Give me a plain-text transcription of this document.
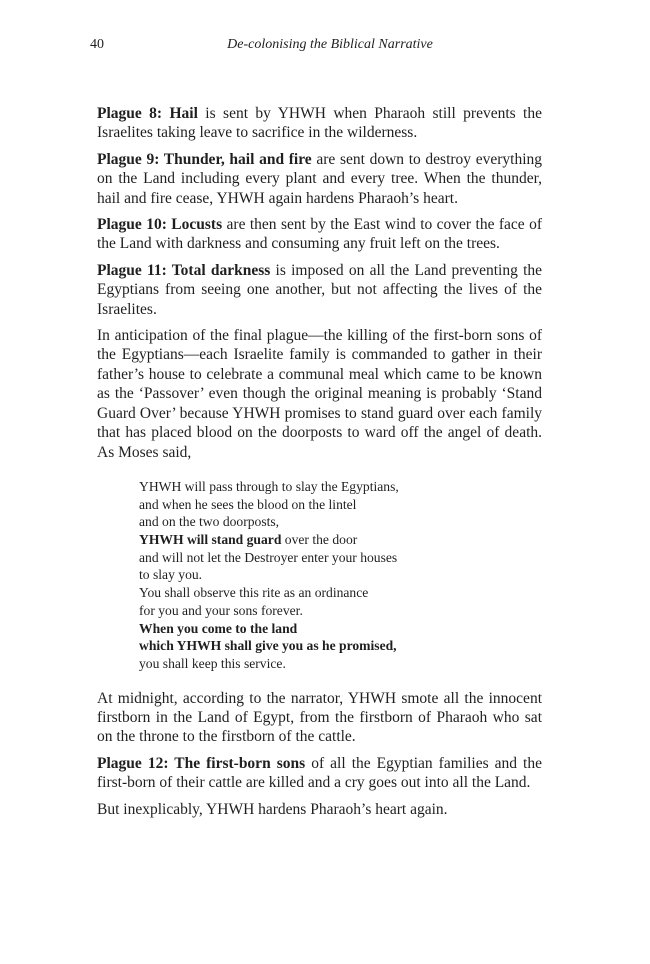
40	De-colonising the Biblical Narrative

Plague 8: Hail is sent by YHWH when Pharaoh still prevents the Israelites taking leave to sacrifice in the wilderness.

Plague 9: Thunder, hail and fire are sent down to destroy everything on the Land including every plant and every tree. When the thunder, hail and fire cease, YHWH again hardens Pharaoh’s heart.

Plague 10: Locusts are then sent by the East wind to cover the face of the Land with darkness and consuming any fruit left on the trees.

Plague 11: Total darkness is imposed on all the Land preventing the Egyptians from seeing one another, but not affecting the lives of the Israelites.

In anticipation of the final plague—the killing of the first-born sons of the Egyptians—each Israelite family is commanded to gather in their father’s house to celebrate a communal meal which came to be known as the ‘Passover’ even though the original meaning is probably ‘Stand Guard Over’ because YHWH promises to stand guard over each family that has placed blood on the doorposts to ward off the angel of death. As Moses said,

YHWH will pass through to slay the Egyptians,
and when he sees the blood on the lintel
and on the two doorposts,
YHWH will stand guard over the door
and will not let the Destroyer enter your houses
to slay you.
You shall observe this rite as an ordinance
for you and your sons forever.
When you come to the land
which YHWH shall give you as he promised,
you shall keep this service.

At midnight, according to the narrator, YHWH smote all the innocent firstborn in the Land of Egypt, from the firstborn of Pharaoh who sat on the throne to the firstborn of the cattle.

Plague 12: The first-born sons of all the Egyptian families and the first-born of their cattle are killed and a cry goes out into all the Land.

But inexplicably, YHWH hardens Pharaoh’s heart again.
